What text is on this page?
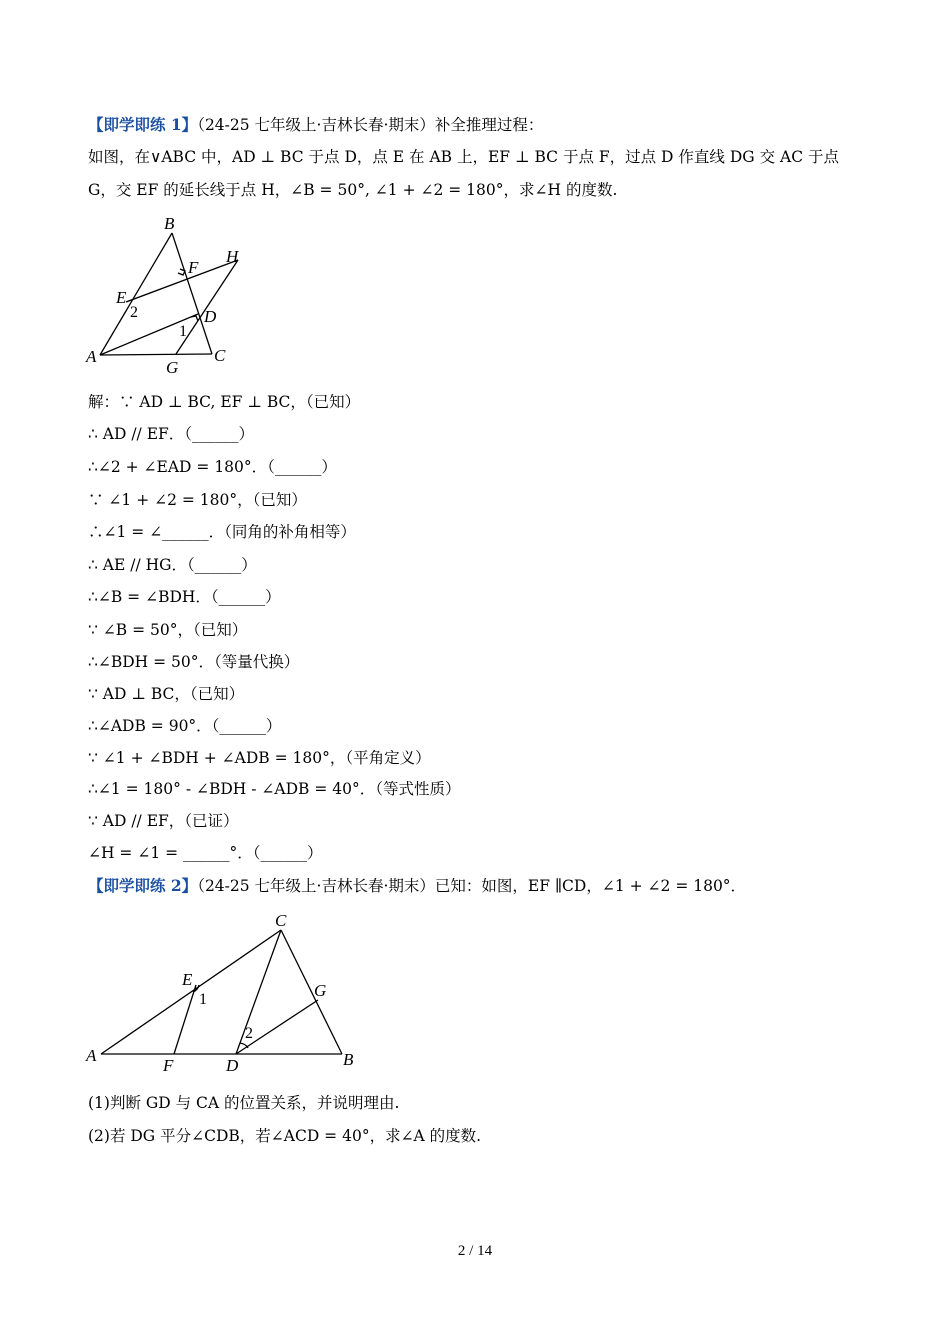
【即学即练 1】（24-25 七年级上·吉林长春·期末）补全推理过程：
如图，在∨ABC 中，AD ⊥ BC 于点 D，点 E 在 AB 上，EF ⊥ BC 于点 F，过点 D 作直线 DG 交 AC 于点
G，交 EF 的延长线于点 H，∠B = 50°, ∠1 + ∠2 = 180°，求∠H 的度数.
B
H
F
E
D
A
G
C
2
1
解：∵ AD ⊥ BC, EF ⊥ BC，（已知）
∴ AD // EF．（______）
∴∠2 + ∠EAD = 180°．（______）
∵ ∠1 + ∠2 = 180°，（已知）
∴∠1 = ∠______．（同角的补角相等）
∴ AE // HG．（______）
∴∠B = ∠BDH．（______）
∵ ∠B = 50°，（已知）
∴∠BDH = 50°．（等量代换）
∵ AD ⊥ BC，（已知）
∴∠ADB = 90°．（______）
∵ ∠1 + ∠BDH + ∠ADB = 180°，（平角定义）
∴∠1 = 180° - ∠BDH - ∠ADB = 40°．（等式性质）
∵ AD // EF，（已证）
∠H = ∠1 = ______°．（______）
【即学即练 2】（24-25 七年级上·吉林长春·期末）已知：如图，EF ∥CD，∠1 + ∠2 = 180°．
C
E
G
A
F	D	B
1
2
(1)判断 GD 与 CA 的位置关系，并说明理由.
(2)若 DG 平分∠CDB，若∠ACD = 40°，求∠A 的度数.
2 / 14
